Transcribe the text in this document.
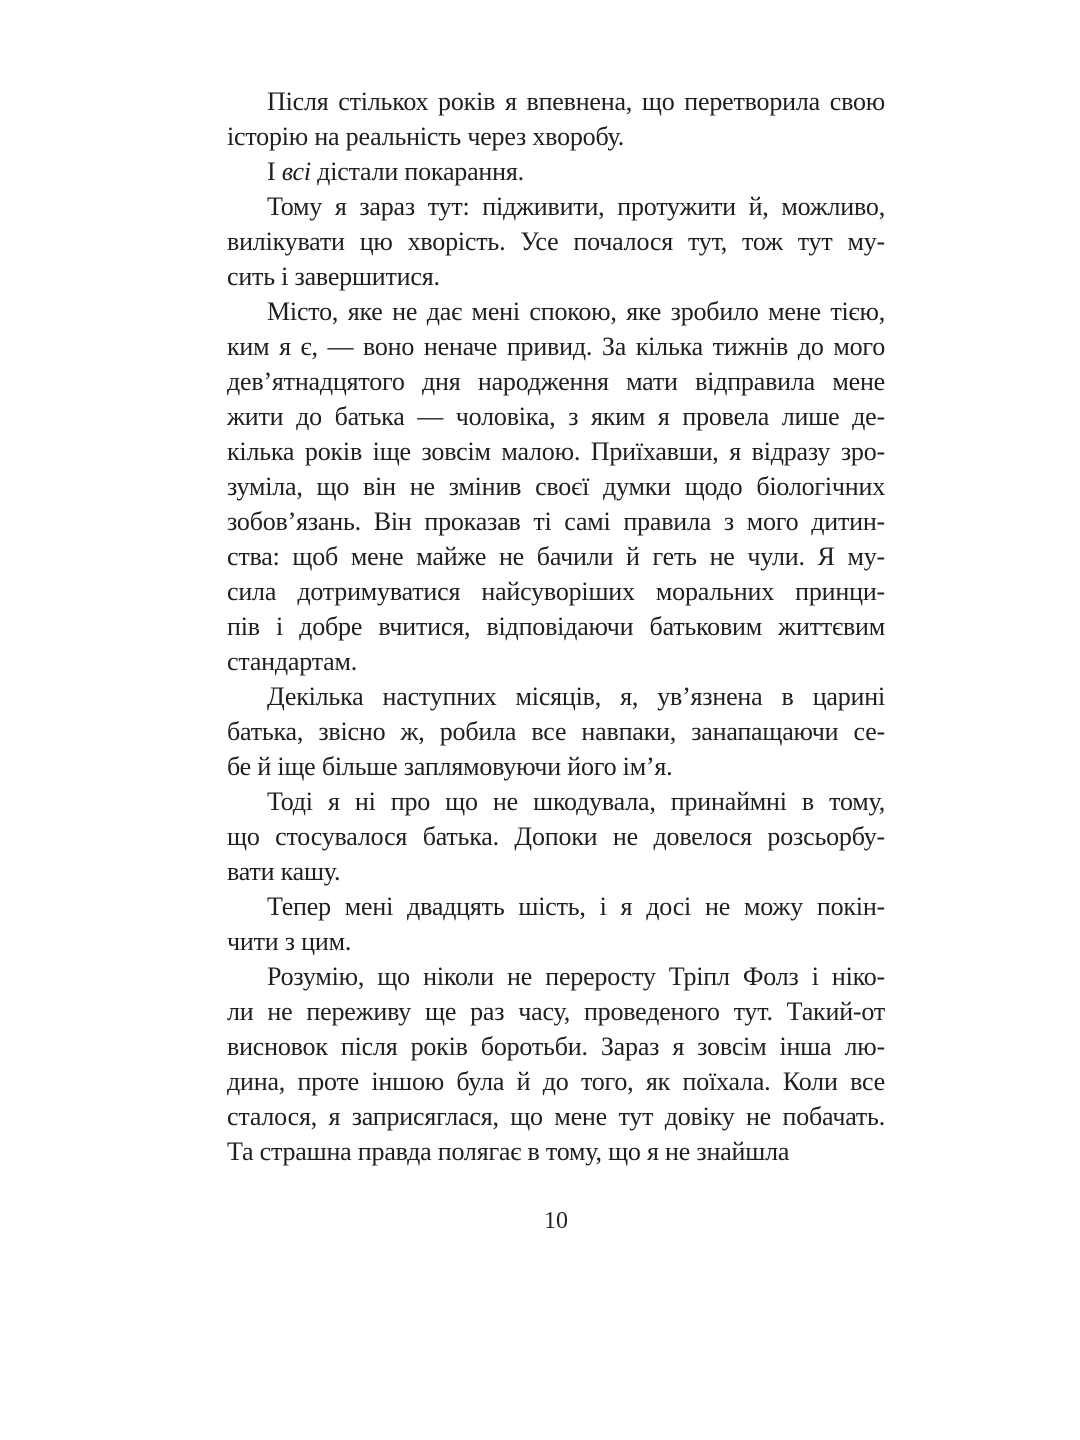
Після стількох років я впевнена, що перетворила свою
історію на реальність через хворобу.
І всі дістали покарання.
Тому я зараз тут: підживити, протужити й, можливо,
вилікувати цю хворість. Усе почалося тут, тож тут му-
сить і завершитися.
Місто, яке не дає мені спокою, яке зробило мене тією,
ким я є, — воно неначе привид. За кілька тижнів до мого
дев’ятнадцятого дня народження мати відправила мене
жити до батька — чоловіка, з яким я провела лише де-
кілька років іще зовсім малою. Приїхавши, я відразу зро-
зуміла, що він не змінив своєї думки щодо біологічних
зобов’язань. Він проказав ті самі правила з мого дитин-
ства: щоб мене майже не бачили й геть не чули. Я му-
сила дотримуватися найсуворіших моральних принци-
пів і добре вчитися, відповідаючи батьковим життєвим
стандартам.
Декілька наступних місяців, я, ув’язнена в царині
батька, звісно ж, робила все навпаки, занапащаючи се-
бе й іще більше заплямовуючи його ім’я.
Тоді я ні про що не шкодувала, принаймні в тому,
що стосувалося батька. Допоки не довелося розсьорбу-
вати кашу.
Тепер мені двадцять шість, і я досі не можу покін-
чити з цим.
Розумію, що ніколи не переросту Тріпл Фолз і ніко-
ли не переживу ще раз часу, проведеного тут. Такий-от
висновок після років боротьби. Зараз я зовсім інша лю-
дина, проте іншою була й до того, як поїхала. Коли все
сталося, я заприсяглася, що мене тут довіку не побачать.
Та страшна правда полягає в тому, що я не знайшла
10
